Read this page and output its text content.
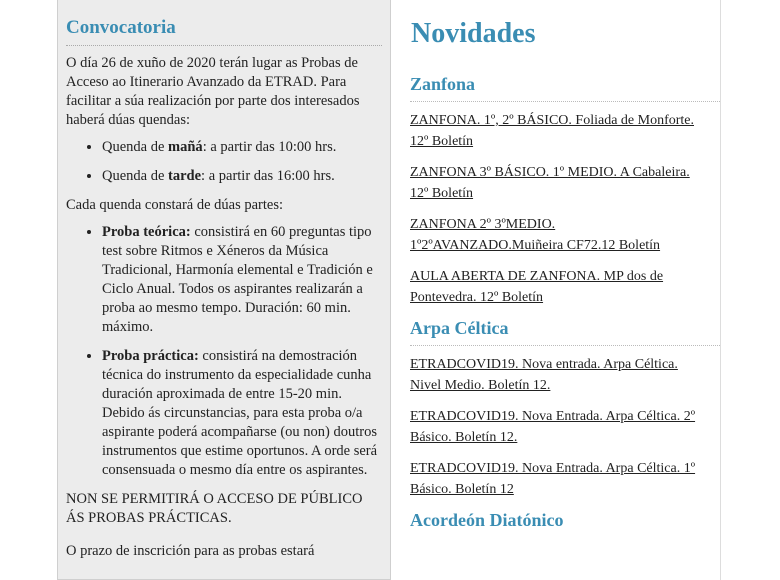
Convocatoria

O día 26 de xuño de 2020 terán lugar as Probas de Acceso ao Itinerario Avanzado da ETRAD. Para facilitar a súa realización por parte dos interesados haberá dúas quendas:

• Quenda de mañá: a partir das 10:00 hrs.
• Quenda de tarde: a partir das 16:00 hrs.

Cada quenda constará de dúas partes:

• Proba teórica: consistirá en 60 preguntas tipo test sobre Ritmos e Xéneros da Música Tradicional, Harmonía elemental e Tradición e Ciclo Anual. Todos os aspirantes realizarán a proba ao mesmo tempo. Duración: 60 min. máximo.
• Proba práctica: consistirá na demostración técnica do instrumento da especialidade cunha duración aproximada de entre 15-20 min. Debido ás circunstancias, para esta proba o/a aspirante poderá acompañarse (ou non) doutros instrumentos que estime oportunos. A orde será consensuada o mesmo día entre os aspirantes.

NON SE PERMITIRÁ O ACCESO DE PÚBLICO ÁS PROBAS PRÁCTICAS.

O prazo de inscrición para as probas estará

Novidades
Zanfona
ZANFONA. 1º, 2º BÁSICO. Foliada de Monforte. 12º Boletín
ZANFONA 3º BÁSICO. 1º MEDIO. A Cabaleira. 12º Boletín
ZANFONA 2º 3ºMEDIO. 1º2ºAVANZADO.Muiñeira CF72.12 Boletín
AULA ABERTA DE ZANFONA. MP dos de Pontevedra. 12º Boletín
Arpa Céltica
ETRADCOVID19. Nova entrada. Arpa Céltica. Nivel Medio. Boletín 12.
ETRADCOVID19. Nova Entrada. Arpa Céltica. 2º Básico. Boletín 12.
ETRADCOVID19. Nova Entrada. Arpa Céltica. 1º Básico. Boletín 12
Acordeón Diatónico
